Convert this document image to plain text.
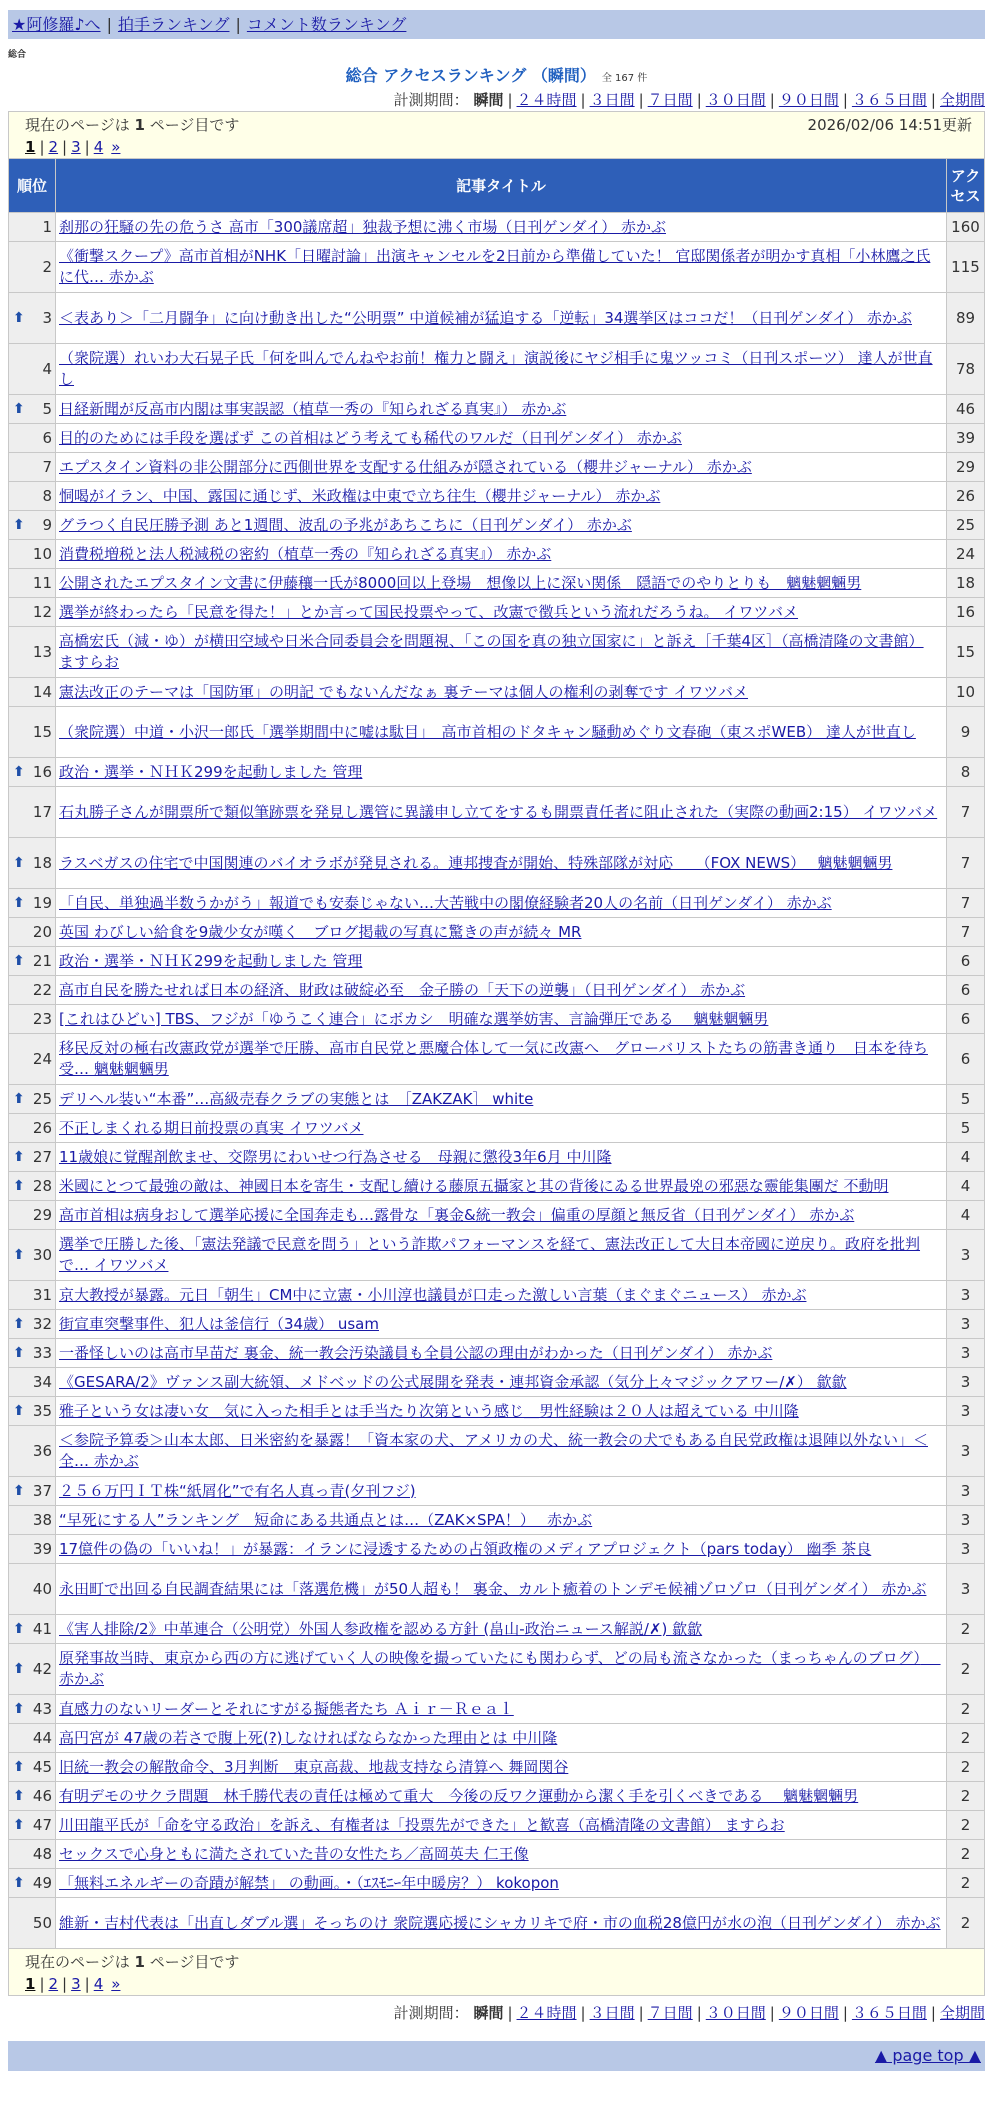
★阿修羅♪へ | 拍手ランキング | コメント数ランキング
総合
総合 アクセスランキング （瞬間） 全 167 件
計測期間： 瞬間 | ２４時間 | ３日間 | ７日間 | ３０日間 | ９０日間 | ３６５日間 | 全期間
現在のページは 1 ページ目です 2026/02/06 14:51更新
1 | 2 | 3 | 4 »		

順位	記事タイトル	アクセス
1	刹那の狂騒の先の危うさ 高市「300議席超」独裁予想に沸く市場（日刊ゲンダイ） 赤かぶ	160
2	《衝撃スクープ》高市首相がNHK「日曜討論」出演キャンセルを2日前から準備していた！ 官邸関係者が明かす真相「小林鷹之氏に代… 赤かぶ	115

⬆ 3	＜表あり＞「二月闘争」に向け動き出した“公明票” 中道候補が猛追する「逆転」34選挙区はココだ！（日刊ゲンダイ） 赤かぶ	89
4	（衆院選）れいわ大石晃子氏「何を叫んでんねやお前！権力と闘え」演説後にヤジ相手に鬼ツッコミ（日刊スポーツ） 達人が世直し	78

⬆ 5	日経新聞が反高市内閣は事実誤認（植草一秀の『知られざる真実』） 赤かぶ	46
6	目的のためには手段を選ばず この首相はどう考えても稀代のワルだ（日刊ゲンダイ） 赤かぶ	39
7	エプスタイン資料の非公開部分に西側世界を支配する仕組みが隠されている（櫻井ジャーナル） 赤かぶ	29
8	恫喝がイラン、中国、露国に通じず、米政権は中東で立ち往生（櫻井ジャーナル） 赤かぶ	26

⬆ 9	グラつく自民圧勝予測 あと1週間、波乱の予兆があちこちに（日刊ゲンダイ） 赤かぶ	25
10	消費税増税と法人税減税の密約（植草一秀の『知られざる真実』） 赤かぶ	24
11	公開されたエプスタイン文書に伊藤穰一氏が8000回以上登場　想像以上に深い関係　隠語でのやりとりも　魑魅魍魎男	18
12	選挙が終わったら「民意を得た！」とか言って国民投票やって、改憲で徴兵という流れだろうね。 イワツバメ	16
13	高橋宏氏（減・ゆ）が横田空域や日米合同委員会を問題視、「この国を真の独立国家に」と訴え［千葉4区］（高橋清隆の文書館） ますらお	15
14	憲法改正のテーマは「国防軍」の明記 でもないんだなぁ 裏テーマは個人の権利の剥奪です イワツバメ	10
15	（衆院選）中道・小沢一郎氏「選挙期間中に嘘は駄目」　高市首相のドタキャン騒動めぐり文春砲（東スポWEB） 達人が世直し	9

⬆ 16	政治・選挙・ＮＨＫ299を起動しました 管理	8
17	石丸勝子さんが開票所で類似筆跡票を発見し選管に異議申し立てをするも開票責任者に阻止された（実際の動画2:15） イワツバメ	7

⬆ 18	ラスベガスの住宅で中国関連のバイオラボが発見される。連邦捜査が開始、特殊部隊が対応　　（FOX NEWS）　 魑魅魍魎男	7

⬆ 19	「自民、単独過半数うかがう」報道でも安泰じゃない…大苦戦中の閣僚経験者20人の名前（日刊ゲンダイ） 赤かぶ	7
20	英国 わびしい給食を9歳少女が嘆く　ブログ掲載の写真に驚きの声が続々 MR	7

⬆ 21	政治・選挙・ＮＨＫ299を起動しました 管理	6
22	高市自民を勝たせれば日本の経済、財政は破綻必至　金子勝の「天下の逆襲」（日刊ゲンダイ） 赤かぶ	6
23	[これはひどい] TBS、フジが「ゆうこく連合」にボカシ　明確な選挙妨害、言論弾圧である　 魑魅魍魎男	6
24	移民反対の極右改憲政党が選挙で圧勝、高市自民党と悪魔合体して一気に改憲へ　グローバリストたちの筋書き通り　日本を待ち受… 魑魅魍魎男	6

⬆ 25	デリヘル装い“本番”…高級売春クラブの実態とは　［ZAKZAK］ white	5
26	不正しまくれる期日前投票の真実 イワツバメ	5

⬆ 27	11歳娘に覚醒剤飲ませ、交際男にわいせつ行為させる　母親に懲役3年6月 中川隆	4

⬆ 28	米國にとつて最強の敵は、神國日本を寄生・支配し續ける藤原五攝家と其の背後にゐる世界最兇の邪惡な靈能集團だ 不動明	4
29	高市首相は病身おして選挙応援に全国奔走も…露骨な「裏金&統一教会」偏重の厚顔と無反省（日刊ゲンダイ） 赤かぶ	4

⬆ 30	選挙で圧勝した後、「憲法発議で民意を問う」という詐欺パフォーマンスを経て、憲法改正して大日本帝國に逆戻り。政府を批判で… イワツバメ	3
31	京大教授が暴露。元日「朝生」CM中に立憲・小川淳也議員が口走った激しい言葉（まぐまぐニュース） 赤かぶ	3

⬆ 32	街宣車突撃事件、犯人は釜信行（34歳） usam	3

⬆ 33	一番怪しいのは高市早苗だ 裏金、統一教会汚染議員も全員公認の理由がわかった（日刊ゲンダイ） 赤かぶ	3
34	《GESARA/2》ヴァンス副大統領、メドベッドの公式展開を発表・連邦資金承認（気分上々マジックアワー/✗） 歙歙	3

⬆ 35	雅子という女は凄い女＿気に入った相手とは手当たり次第という感じ＿男性経験は２０人は超えている 中川隆	3
36	＜参院予算委＞山本太郎、日米密約を暴露！「資本家の犬、アメリカの犬、統一教会の犬でもある自民党政権は退陣以外ない」＜全… 赤かぶ	3

⬆ 37	２５６万円ＩＴ株“紙屑化”で有名人真っ青(夕刊フジ)	3
38	“早死にする人”ランキング　短命にある共通点とは…（ZAK×SPA！）　 赤かぶ	3
39	17億件の偽の「いいね！」が暴露：イランに浸透するための占領政権のメディアプロジェクト（pars today） 幽季 茶良	3
40	永田町で出回る自民調査結果には「落選危機」が50人超も！ 裏金、カルト癒着のトンデモ候補ゾロゾロ（日刊ゲンダイ） 赤かぶ	3

⬆ 41	《害人排除/2》中革連合（公明党）外国人参政権を認める方針 (畠山-政治ニュース解説/✗) 歙歙	2

⬆ 42	原発事故当時、東京から西の方に逃げていく人の映像を撮っていたにも関わらず、どの局も流さなかった（まっちゃんのブログ）　 赤かぶ	2

⬆ 43	直感力のないリーダーとそれにすがる擬態者たち Ａｉｒ－Ｒｅａｌ	2
44	高円宮が 47歳の若さで腹上死(?)しなければならなかった理由とは 中川隆	2

⬆ 45	旧統一教会の解散命令、3月判断　東京高裁、地裁支持なら清算へ 舞岡関谷	2

⬆ 46	有明デモのサクラ問題　林千勝代表の責任は極めて重大　今後の反ワク運動から潔く手を引くべきである　 魑魅魍魎男	2

⬆ 47	川田龍平氏が「命を守る政治」を訴え、有権者は「投票先ができた」と歓喜（高橋清隆の文書館） ますらお	2
48	セックスで心身ともに満たされていた昔の女性たち／高岡英夫 仁王像	2

⬆ 49	「無料エネルギーの奇蹟が解禁」 の動画。・（ｴｽﾓﾆｰ年中暖房？） kokopon	2
50	維新・吉村代表は「出直しダブル選」そっちのけ 衆院選応援にシャカリキで府・市の血税28億円が水の泡（日刊ゲンダイ） 赤かぶ	2

現在のページは 1 ページ目です
1 | 2 | 3 | 4 »		
計測期間： 瞬間 | ２４時間 | ３日間 | ７日間 | ３０日間 | ９０日間 | ３６５日間 | 全期間
▲ page top ▲
